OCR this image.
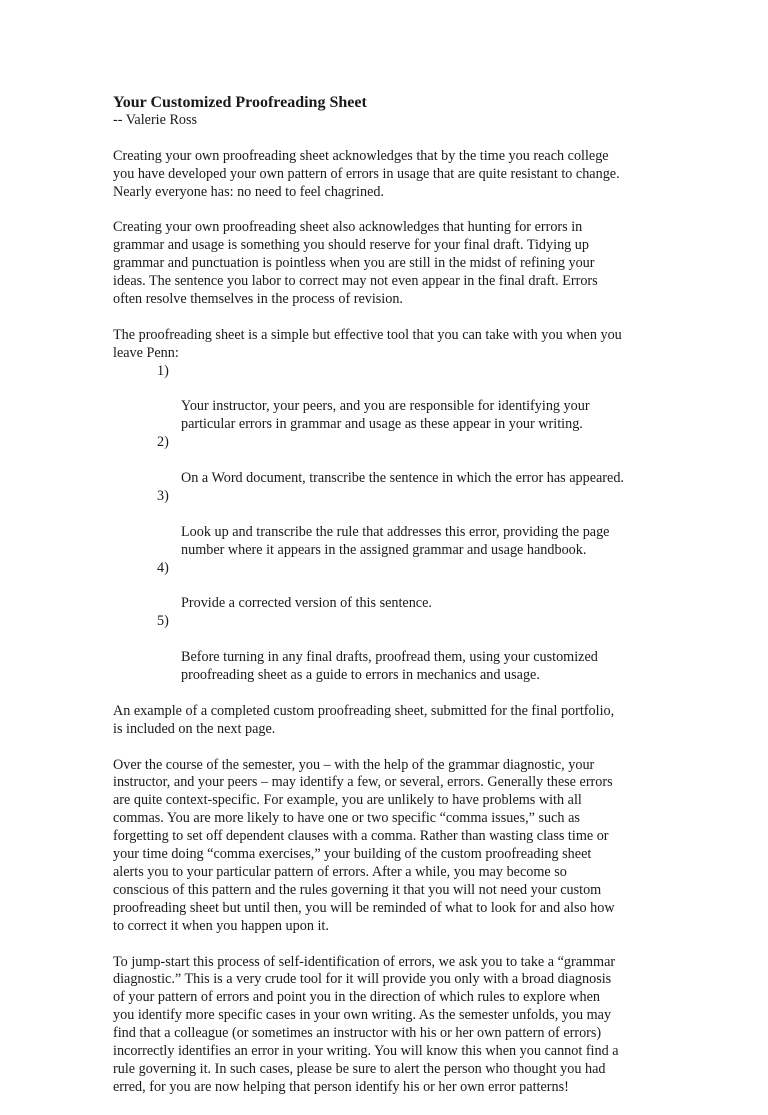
Your Customized Proofreading Sheet

-- Valerie Ross

Creating your own proofreading sheet acknowledges that by the time you reach college
you have developed your own pattern of errors in usage that are quite resistant to change.
Nearly everyone has: no need to feel chagrined.

Creating your own proofreading sheet also acknowledges that hunting for errors in
grammar and usage is something you should reserve for your final draft. Tidying up
grammar and punctuation is pointless when you are still in the midst of refining your
ideas. The sentence you labor to correct may not even appear in the final draft. Errors
often resolve themselves in the process of revision.

The proofreading sheet is a simple but effective tool that you can take with you when you
leave Penn:

1)

Your instructor, your peers, and you are responsible for identifying your
particular errors in grammar and usage as these appear in your writing.

2)

On a Word document, transcribe the sentence in which the error has appeared.

3)

Look up and transcribe the rule that addresses this error, providing the page
number where it appears in the assigned grammar and usage handbook.

4)

Provide a corrected version of this sentence.

5)

Before turning in any final drafts, proofread them, using your customized
proofreading sheet as a guide to errors in mechanics and usage.

An example of a completed custom proofreading sheet, submitted for the final portfolio,
is included on the next page.

Over the course of the semester, you – with the help of the grammar diagnostic, your
instructor, and your peers – may identify a few, or several, errors. Generally these errors
are quite context-specific. For example, you are unlikely to have problems with all
commas. You are more likely to have one or two specific “comma issues,” such as
forgetting to set off dependent clauses with a comma. Rather than wasting class time or
your time doing “comma exercises,” your building of the custom proofreading sheet
alerts you to your particular pattern of errors. After a while, you may become so
conscious of this pattern and the rules governing it that you will not need your custom
proofreading sheet but until then, you will be reminded of what to look for and also how
to correct it when you happen upon it.

To jump-start this process of self-identification of errors, we ask you to take a “grammar
diagnostic.” This is a very crude tool for it will provide you only with a broad diagnosis
of your pattern of errors and point you in the direction of which rules to explore when
you identify more specific cases in your own writing. As the semester unfolds, you may
find that a colleague (or sometimes an instructor with his or her own pattern of errors)
incorrectly identifies an error in your writing. You will know this when you cannot find a
rule governing it. In such cases, please be sure to alert the person who thought you had
erred, for you are now helping that person identify his or her own error patterns!
